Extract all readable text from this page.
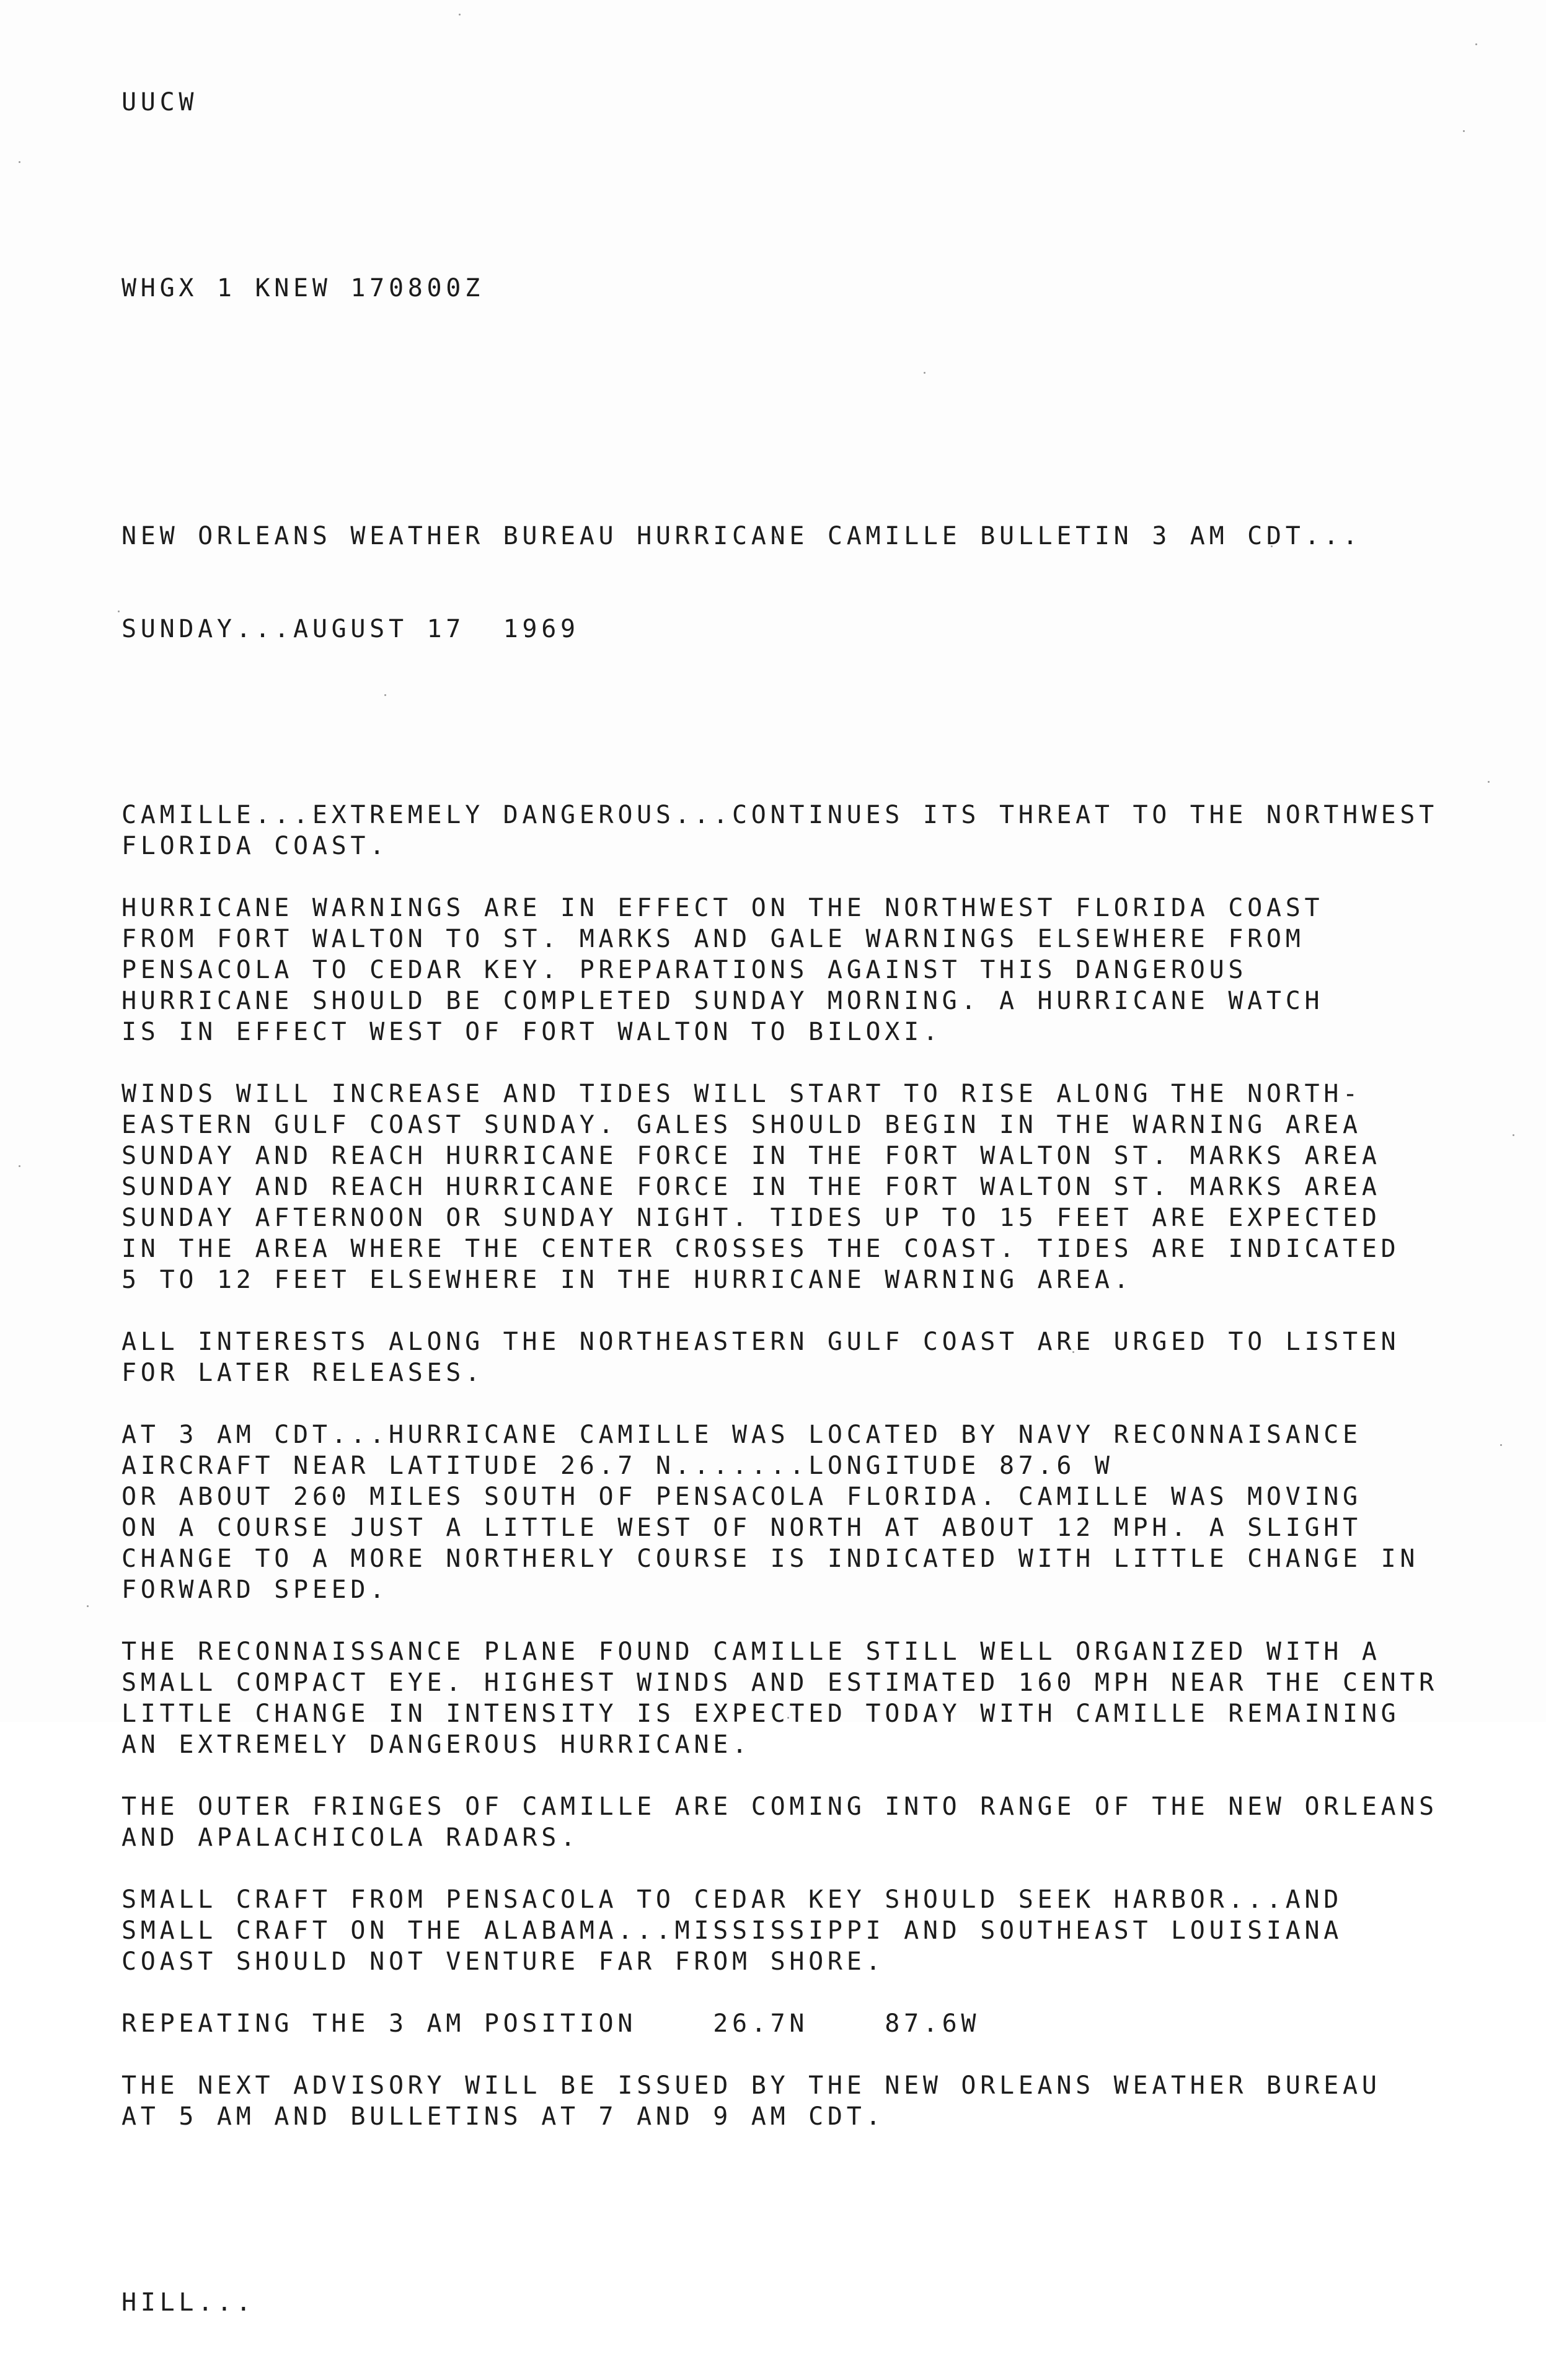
UUCW

WHGX 1 KNEW 170800Z

NEW ORLEANS WEATHER BUREAU HURRICANE CAMILLE BULLETIN 3 AM CDT...

SUNDAY...AUGUST 17  1969

CAMILLE...EXTREMELY DANGEROUS...CONTINUES ITS THREAT TO THE NORTHWEST
FLORIDA COAST.
HURRICANE WARNINGS ARE IN EFFECT ON THE NORTHWEST FLORIDA COAST
FROM FORT WALTON TO ST. MARKS AND GALE WARNINGS ELSEWHERE FROM
PENSACOLA TO CEDAR KEY. PREPARATIONS AGAINST THIS DANGEROUS
HURRICANE SHOULD BE COMPLETED SUNDAY MORNING. A HURRICANE WATCH
IS IN EFFECT WEST OF FORT WALTON TO BILOXI.
WINDS WILL INCREASE AND TIDES WILL START TO RISE ALONG THE NORTH-
EASTERN GULF COAST SUNDAY. GALES SHOULD BEGIN IN THE WARNING AREA
SUNDAY AND REACH HURRICANE FORCE IN THE FORT WALTON ST. MARKS AREA
SUNDAY AND REACH HURRICANE FORCE IN THE FORT WALTON ST. MARKS AREA
SUNDAY AFTERNOON OR SUNDAY NIGHT. TIDES UP TO 15 FEET ARE EXPECTED
IN THE AREA WHERE THE CENTER CROSSES THE COAST. TIDES ARE INDICATED
5 TO 12 FEET ELSEWHERE IN THE HURRICANE WARNING AREA.
ALL INTERESTS ALONG THE NORTHEASTERN GULF COAST ARE URGED TO LISTEN
FOR LATER RELEASES.
AT 3 AM CDT...HURRICANE CAMILLE WAS LOCATED BY NAVY RECONNAISANCE
AIRCRAFT NEAR LATITUDE 26.7 N.......LONGITUDE 87.6 W
OR ABOUT 260 MILES SOUTH OF PENSACOLA FLORIDA. CAMILLE WAS MOVING
ON A COURSE JUST A LITTLE WEST OF NORTH AT ABOUT 12 MPH. A SLIGHT
CHANGE TO A MORE NORTHERLY COURSE IS INDICATED WITH LITTLE CHANGE IN
FORWARD SPEED.
THE RECONNAISSANCE PLANE FOUND CAMILLE STILL WELL ORGANIZED WITH A
SMALL COMPACT EYE. HIGHEST WINDS AND ESTIMATED 160 MPH NEAR THE CENTR
LITTLE CHANGE IN INTENSITY IS EXPECTED TODAY WITH CAMILLE REMAINING
AN EXTREMELY DANGEROUS HURRICANE.
THE OUTER FRINGES OF CAMILLE ARE COMING INTO RANGE OF THE NEW ORLEANS
AND APALACHICOLA RADARS.
SMALL CRAFT FROM PENSACOLA TO CEDAR KEY SHOULD SEEK HARBOR...AND
SMALL CRAFT ON THE ALABAMA...MISSISSIPPI AND SOUTHEAST LOUISIANA
COAST SHOULD NOT VENTURE FAR FROM SHORE.
REPEATING THE 3 AM POSITION    26.7N    87.6W
THE NEXT ADVISORY WILL BE ISSUED BY THE NEW ORLEANS WEATHER BUREAU
AT 5 AM AND BULLETINS AT 7 AND 9 AM CDT.

HILL...
